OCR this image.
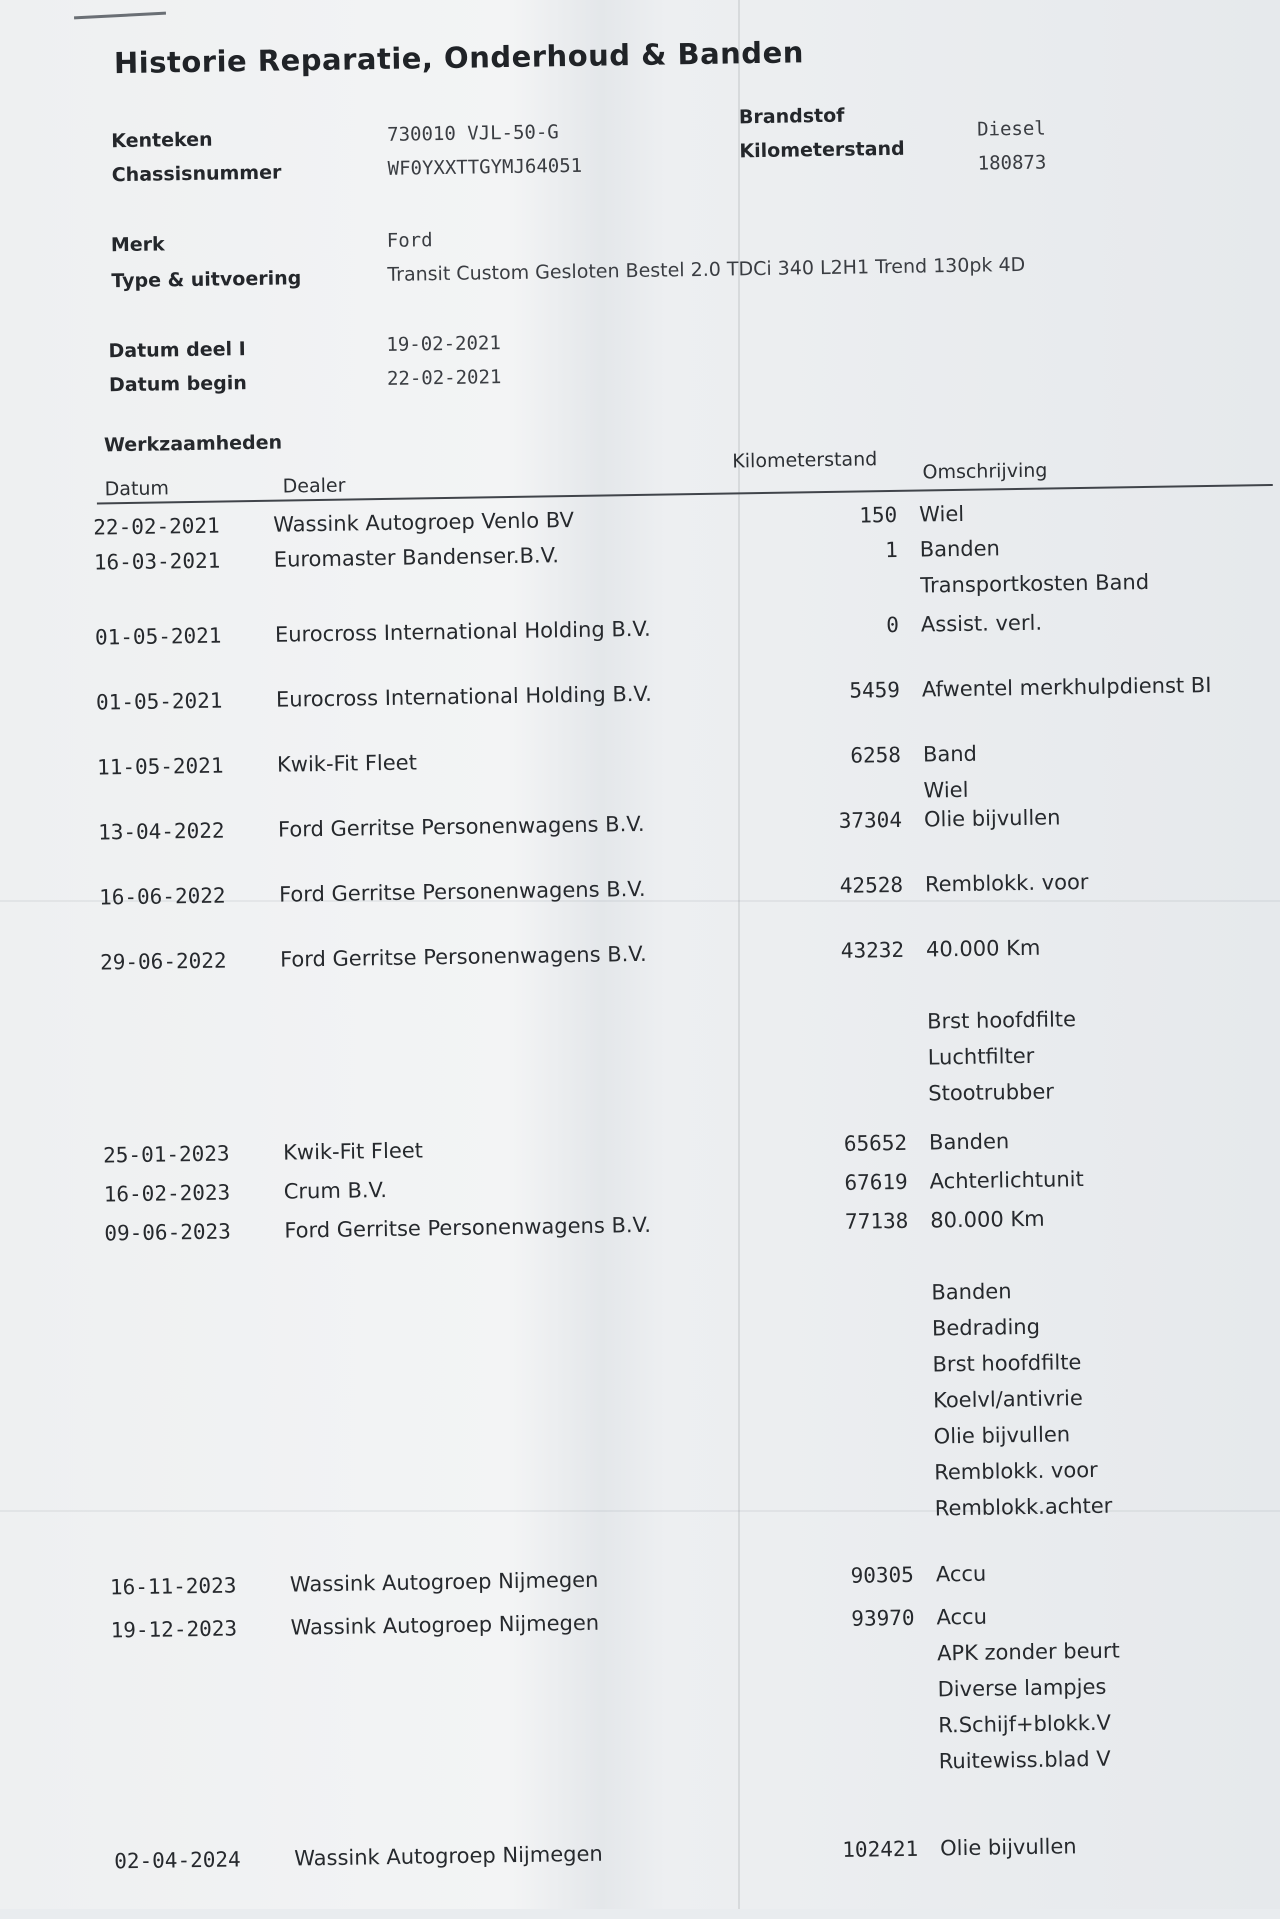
Historie Reparatie, Onderhoud & Banden
Kenteken	730010 VJL-50-G
Chassisnummer	WF0YXXTTGYMJ64051
Brandstof
Diesel
Kilometerstand
180873
Merk	Ford
Type & uitvoering	Transit Custom Gesloten Bestel 2.0 TDCi 340 L2H1 Trend 130pk 4D
Datum deel I	19-02-2021
Datum begin	22-02-2021
Werkzaamheden
Datum	Dealer
Kilometerstand Omschrijving
22-02-2021	Wassink Autogroep Venlo BV	150 Wiel
16-03-2021	Euromaster Bandenser.B.V.	1 Banden
Transportkosten Band
01-05-2021	Eurocross International Holding B.V.	0 Assist. verl.
01-05-2021	Eurocross International Holding B.V.	5459 Afwentel merkhulpdienst BI
11-05-2021	Kwik-Fit Fleet	6258 Band
Wiel
13-04-2022	Ford Gerritse Personenwagens B.V.	37304 Olie bijvullen
16-06-2022	Ford Gerritse Personenwagens B.V.	42528 Remblokk. voor
29-06-2022	Ford Gerritse Personenwagens B.V.	43232 40.000 Km

Brst hoofdfilte
Luchtfilter
Stootrubber
25-01-2023	Kwik-Fit Fleet	65652 Banden
16-02-2023	Crum B.V.	67619 Achterlichtunit
09-06-2023	Ford Gerritse Personenwagens B.V.	77138 80.000 Km

Banden
Bedrading
Brst hoofdfilte
Koelvl/antivrie
Olie bijvullen
Remblokk. voor
Remblokk.achter
16-11-2023	Wassink Autogroep Nijmegen	90305 Accu
19-12-2023	Wassink Autogroep Nijmegen	93970 Accu
APK zonder beurt
Diverse lampjes
R.Schijf+blokk.V
Ruitewiss.blad V
02-04-2024	Wassink Autogroep Nijmegen	102421 Olie bijvullen
